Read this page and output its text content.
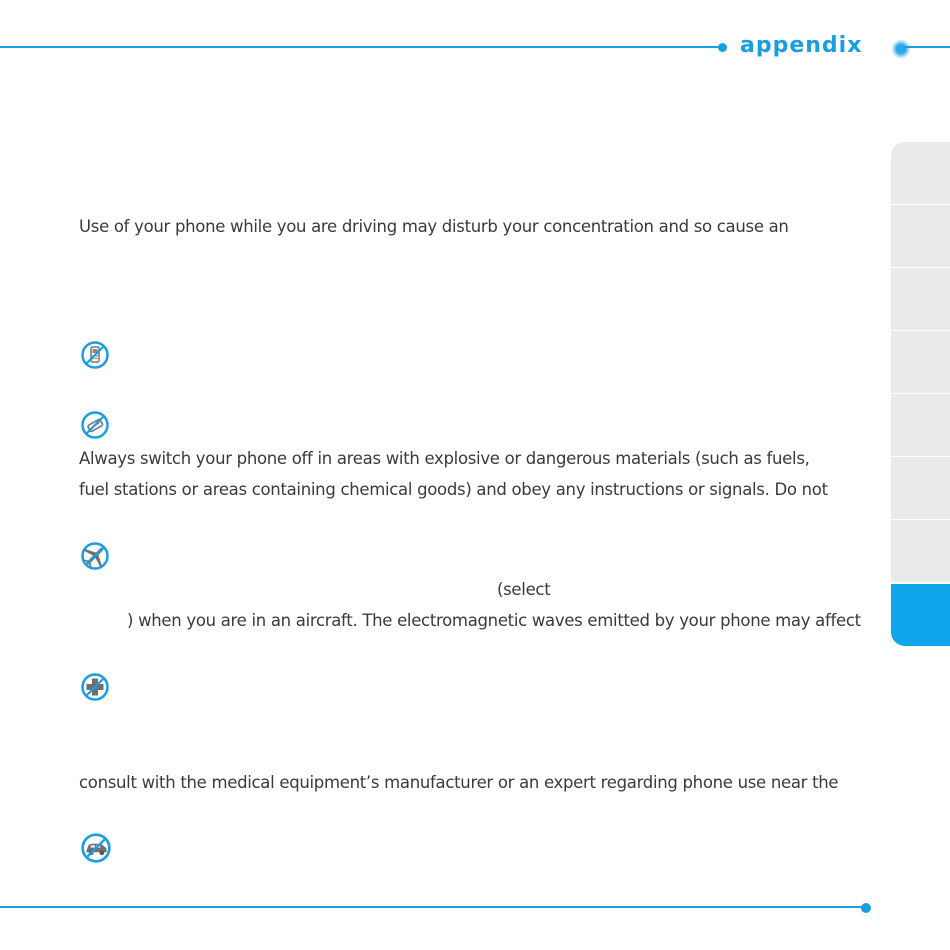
appendix
Use of your phone while you are driving may disturb your concentration and so cause an
Always switch your phone off in areas with explosive or dangerous materials (such as fuels,
fuel stations or areas containing chemical goods) and obey any instructions or signals. Do not
(select
) when you are in an aircraft. The electromagnetic waves emitted by your phone may affect
consult with the medical equipment’s manufacturer or an expert regarding phone use near the
